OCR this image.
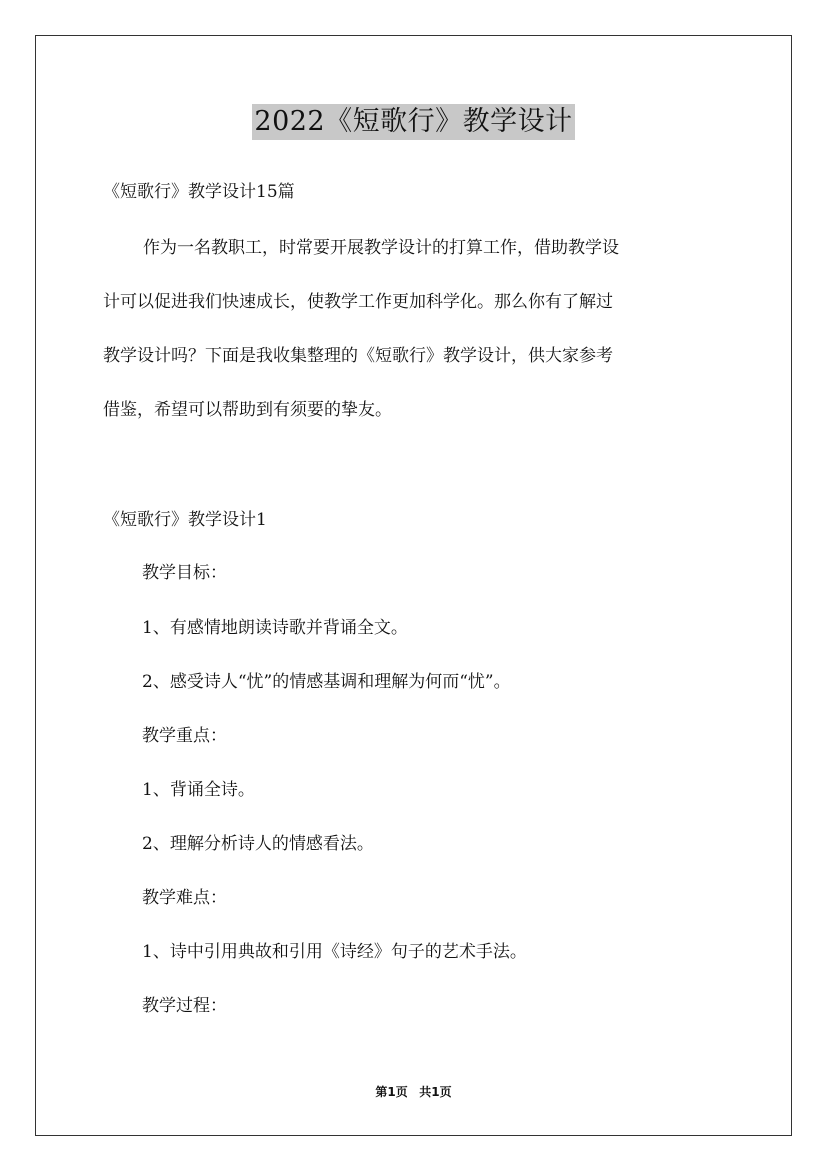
2022《短歌行》教学设计
《短歌行》教学设计15篇
作为一名教职工，时常要开展教学设计的打算工作，借助教学设
计可以促进我们快速成长，使教学工作更加科学化。那么你有了解过
教学设计吗？下面是我收集整理的《短歌行》教学设计，供大家参考
借鉴，希望可以帮助到有须要的挚友。
《短歌行》教学设计1
教学目标：
1、有感情地朗读诗歌并背诵全文。
2、感受诗人“忧”的情感基调和理解为何而“忧”。
教学重点：
1、背诵全诗。
2、理解分析诗人的情感看法。
教学难点：
1、诗中引用典故和引用《诗经》句子的艺术手法。
教学过程：
第1页 共1页
